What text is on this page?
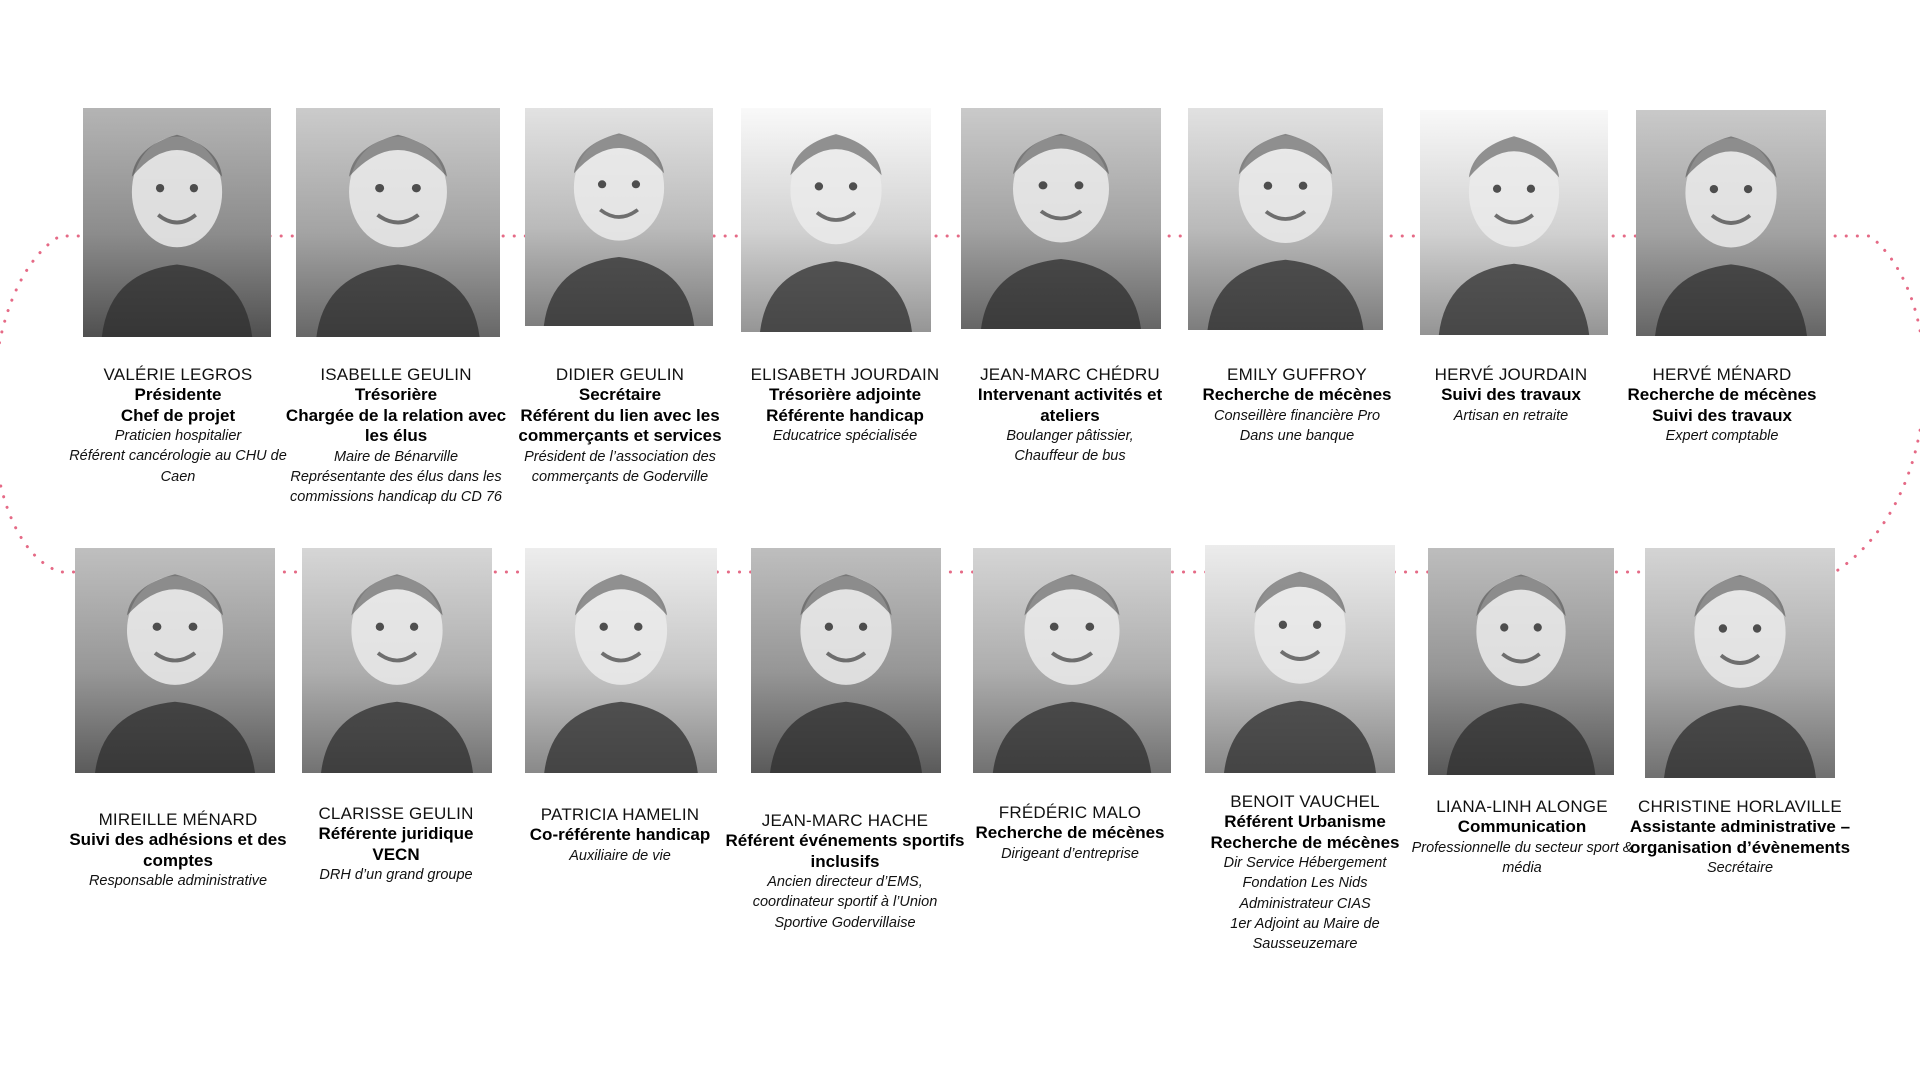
VALÉRIE LEGROS
Présidente
Chef de projet
Praticien hospitalier
Référent cancérologie au CHU de Caen
ISABELLE GEULIN
Trésorière
Chargée de la relation avec les élus
Maire de Bénarville
Représentante des élus dans les commissions handicap du CD 76
DIDIER GEULIN
Secrétaire
Référent du lien avec les commerçants et services
Président de l’association des commerçants de Goderville
ELISABETH JOURDAIN
Trésorière adjointe
Référente handicap
Educatrice spécialisée
JEAN-MARC CHÉDRU
Intervenant activités et ateliers
Boulanger pâtissier,
Chauffeur de bus
EMILY GUFFROY
Recherche de mécènes
Conseillère financière Pro
Dans une banque
HERVÉ JOURDAIN
Suivi des travaux
Artisan en retraite
HERVÉ MÉNARD
Recherche de mécènes
Suivi des travaux
Expert comptable
MIREILLE MÉNARD
Suivi des adhésions et des comptes
Responsable administrative
CLARISSE GEULIN
Référente juridique
VECN
DRH d’un grand groupe
PATRICIA HAMELIN
Co-référente handicap
Auxiliaire de vie
JEAN-MARC HACHE
Référent événements sportifs inclusifs
Ancien directeur d’EMS, coordinateur sportif à l’Union Sportive Godervillaise
FRÉDÉRIC MALO
Recherche de mécènes
Dirigeant d’entreprise
BENOIT VAUCHEL
Référent Urbanisme
Recherche de mécènes
Dir Service Hébergement
Fondation Les Nids
Administrateur CIAS
1er Adjoint au Maire de Sausseuzemare
LIANA-LINH ALONGE
Communication
Professionnelle du secteur sport & média
CHRISTINE HORLAVILLE
Assistante administrative – organisation d’évènements
Secrétaire
